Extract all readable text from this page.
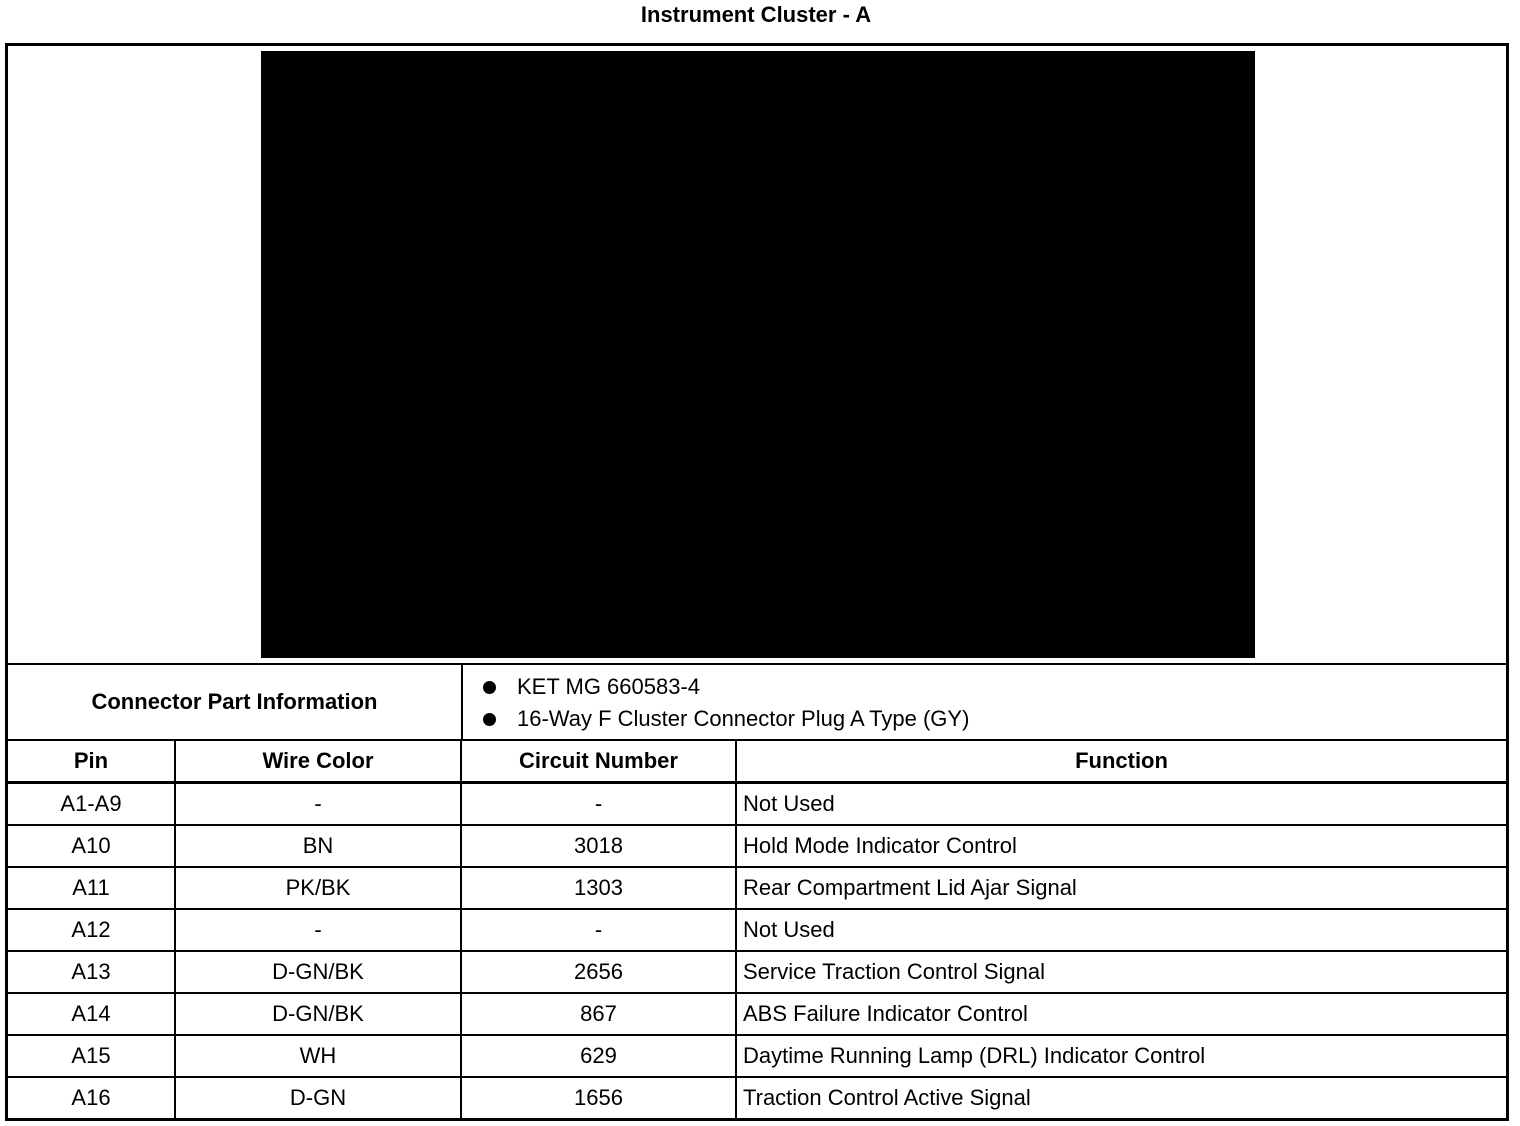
Instrument Cluster - A
Connector Part Information
KET MG 660583-4
16-Way F Cluster Connector Plug A Type (GY)
Pin	Wire Color	Circuit Number	Function
A1-A9	-	-	Not Used
A10	BN	3018	Hold Mode Indicator Control
A11	PK/BK	1303	Rear Compartment Lid Ajar Signal
A12	-	-	Not Used
A13	D-GN/BK	2656	Service Traction Control Signal
A14	D-GN/BK	867	ABS Failure Indicator Control
A15	WH	629	Daytime Running Lamp (DRL) Indicator Control
A16	D-GN	1656	Traction Control Active Signal
